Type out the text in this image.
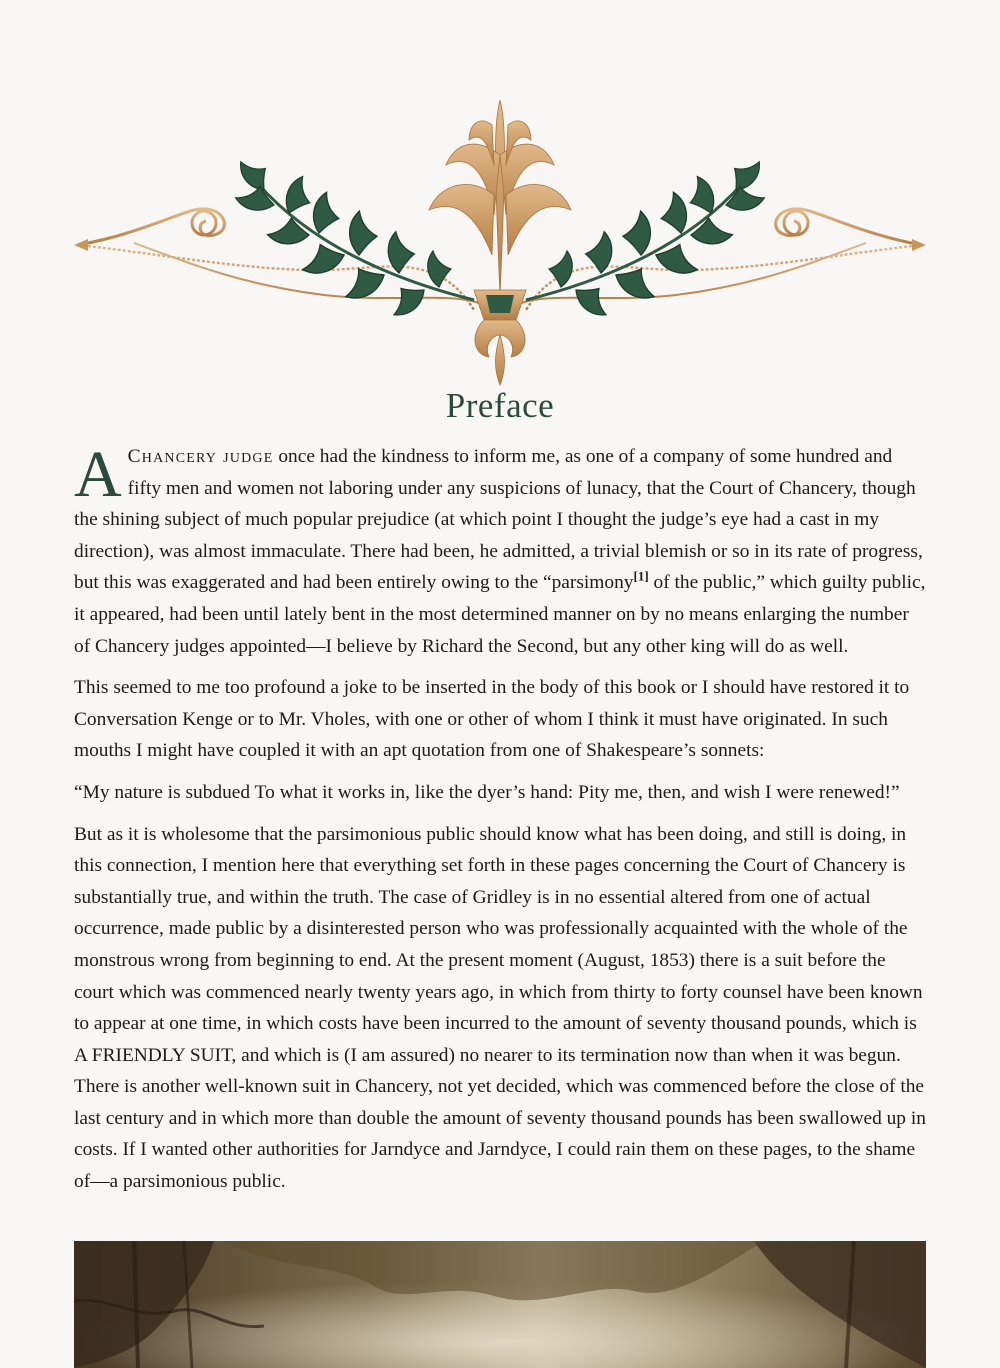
Preface

A Chancery judge once had the kindness to inform me, as one of a company of some hundred and fifty men and women not laboring under any suspicions of lunacy, that the Court of Chancery, though the shining subject of much popular prejudice (at which point I thought the judge’s eye had a cast in my direction), was almost immaculate. There had been, he admitted, a trivial blemish or so in its rate of progress, but this was exaggerated and had been entirely owing to the “parsimony[1] of the public,” which guilty public, it appeared, had been until lately bent in the most determined manner on by no means enlarging the number of Chancery judges appointed—I believe by Richard the Second, but any other king will do as well.

This seemed to me too profound a joke to be inserted in the body of this book or I should have restored it to Conversation Kenge or to Mr. Vholes, with one or other of whom I think it must have originated. In such mouths I might have coupled it with an apt quotation from one of Shakespeare’s sonnets:

“My nature is subdued To what it works in, like the dyer’s hand: Pity me, then, and wish I were renewed!”

But as it is wholesome that the parsimonious public should know what has been doing, and still is doing, in this connection, I mention here that everything set forth in these pages concerning the Court of Chancery is substantially true, and within the truth. The case of Gridley is in no essential altered from one of actual occurrence, made public by a disinterested person who was professionally acquainted with the whole of the monstrous wrong from beginning to end. At the present moment (August, 1853) there is a suit before the court which was commenced nearly twenty years ago, in which from thirty to forty counsel have been known to appear at one time, in which costs have been incurred to the amount of seventy thousand pounds, which is A FRIENDLY SUIT, and which is (I am assured) no nearer to its termination now than when it was begun. There is another well-known suit in Chancery, not yet decided, which was commenced before the close of the last century and in which more than double the amount of seventy thousand pounds has been swallowed up in costs. If I wanted other authorities for Jarndyce and Jarndyce, I could rain them on these pages, to the shame of—a parsimonious public.
